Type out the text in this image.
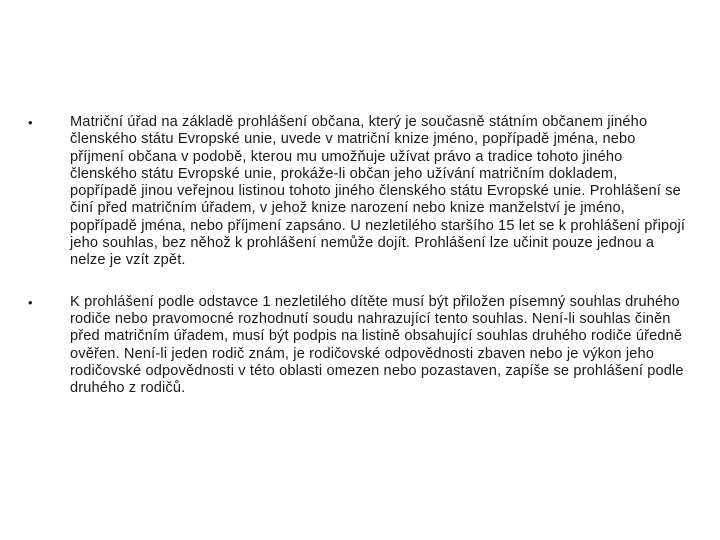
•	Matriční úřad na základě prohlášení občana, který je současně státním občanem jiného členského státu Evropské unie, uvede v matriční knize jméno, popřípadě jména, nebo příjmení občana v podobě, kterou mu umožňuje užívat právo a tradice tohoto jiného členského státu Evropské unie, prokáže-li občan jeho užívání matričním dokladem, popřípadě jinou veřejnou listinou tohoto jiného členského státu Evropské unie. Prohlášení se činí před matričním úřadem, v jehož knize narození nebo knize manželství je jméno, popřípadě jména, nebo příjmení zapsáno. U nezletilého staršího 15 let se k prohlášení připojí jeho souhlas, bez něhož k prohlášení nemůže dojít. Prohlášení lze učinit pouze jednou a nelze je vzít zpět.
•	K prohlášení podle odstavce 1 nezletilého dítěte musí být přiložen písemný souhlas druhého rodiče nebo pravomocné rozhodnutí soudu nahrazující tento souhlas. Není-li souhlas činěn před matričním úřadem, musí být podpis na listině obsahující souhlas druhého rodiče úředně ověřen. Není-li jeden rodič znám, je rodičovské odpovědnosti zbaven nebo je výkon jeho rodičovské odpovědnosti v této oblasti omezen nebo pozastaven, zapíše se prohlášení podle druhého z rodičů.
